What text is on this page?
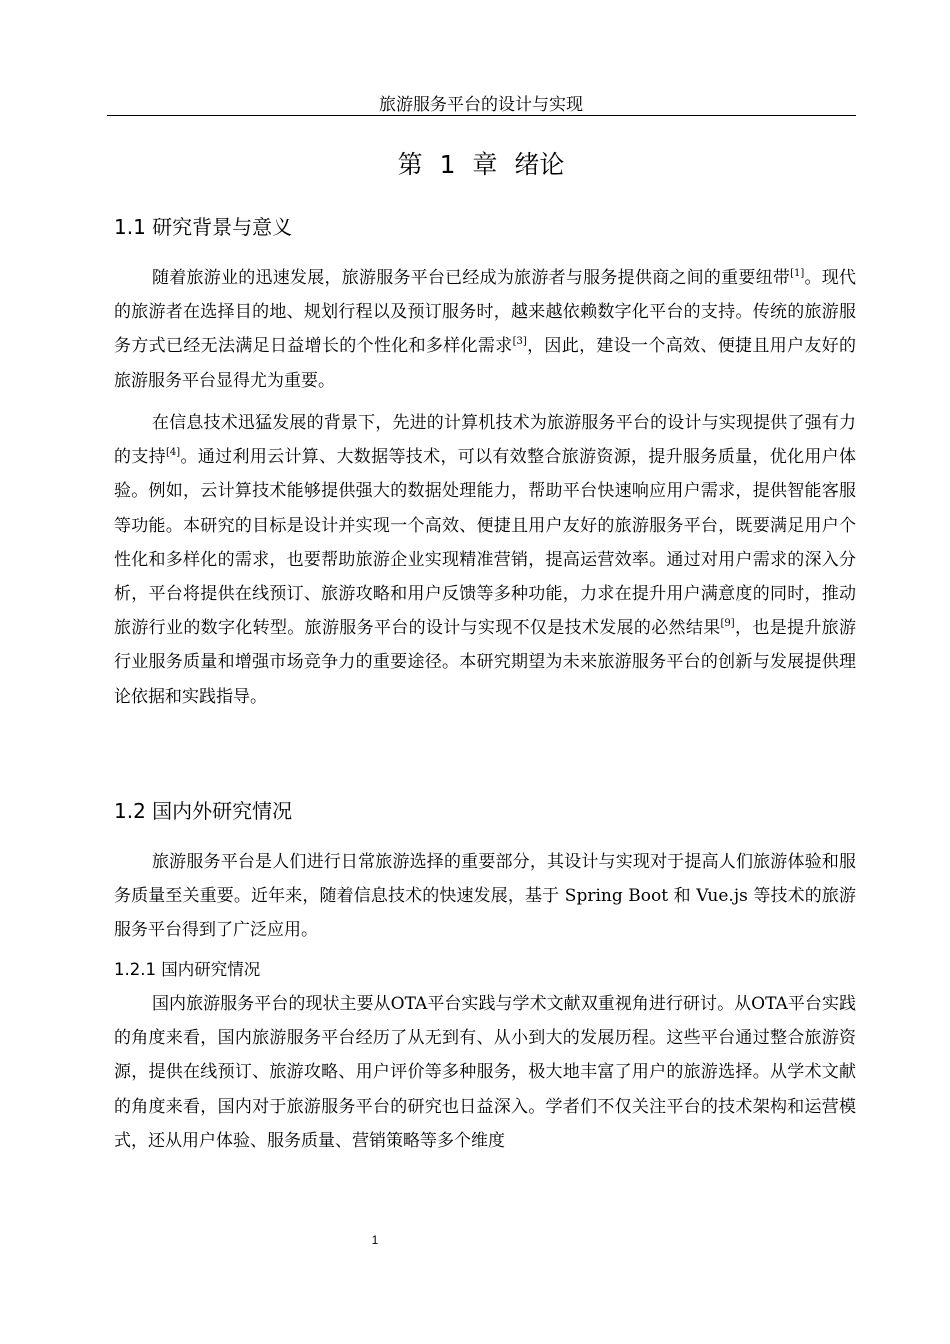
旅游服务平台的设计与实现
第 1 章 绪论
1.1 研究背景与意义

随着旅游业的迅速发展，旅游服务平台已经成为旅游者与服务提供商之间的重要纽带[1]。现代的旅游者在选择目的地、规划行程以及预订服务时，越来越依赖数字化平台的支持。传统的旅游服务方式已经无法满足日益增长的个性化和多样化需求[3]，因此，建设一个高效、便捷且用户友好的旅游服务平台显得尤为重要。

在信息技术迅猛发展的背景下，先进的计算机技术为旅游服务平台的设计与实现提供了强有力的支持[4]。通过利用云计算、大数据等技术，可以有效整合旅游资源，提升服务质量，优化用户体验。例如，云计算技术能够提供强大的数据处理能力，帮助平台快速响应用户需求，提供智能客服等功能。本研究的目标是设计并实现一个高效、便捷且用户友好的旅游服务平台，既要满足用户个性化和多样化的需求，也要帮助旅游企业实现精准营销，提高运营效率。通过对用户需求的深入分析，平台将提供在线预订、旅游攻略和用户反馈等多种功能，力求在提升用户满意度的同时，推动旅游行业的数字化转型。旅游服务平台的设计与实现不仅是技术发展的必然结果[9]，也是提升旅游行业服务质量和增强市场竞争力的重要途径。本研究期望为未来旅游服务平台的创新与发展提供理论依据和实践指导。

1.2 国内外研究情况

旅游服务平台是人们进行日常旅游选择的重要部分，其设计与实现对于提高人们旅游体验和服务质量至关重要。近年来，随着信息技术的快速发展，基于 Spring Boot 和 Vue.js 等技术的旅游服务平台得到了广泛应用。

1.2.1 国内研究情况

国内旅游服务平台的现状主要从OTA平台实践与学术文献双重视角进行研讨。从OTA平台实践的角度来看，国内旅游服务平台经历了从无到有、从小到大的发展历程。这些平台通过整合旅游资源，提供在线预订、旅游攻略、用户评价等多种服务，极大地丰富了用户的旅游选择。从学术文献的角度来看，国内对于旅游服务平台的研究也日益深入。学者们不仅关注平台的技术架构和运营模式，还从用户体验、服务质量、营销策略等多个维度

1
